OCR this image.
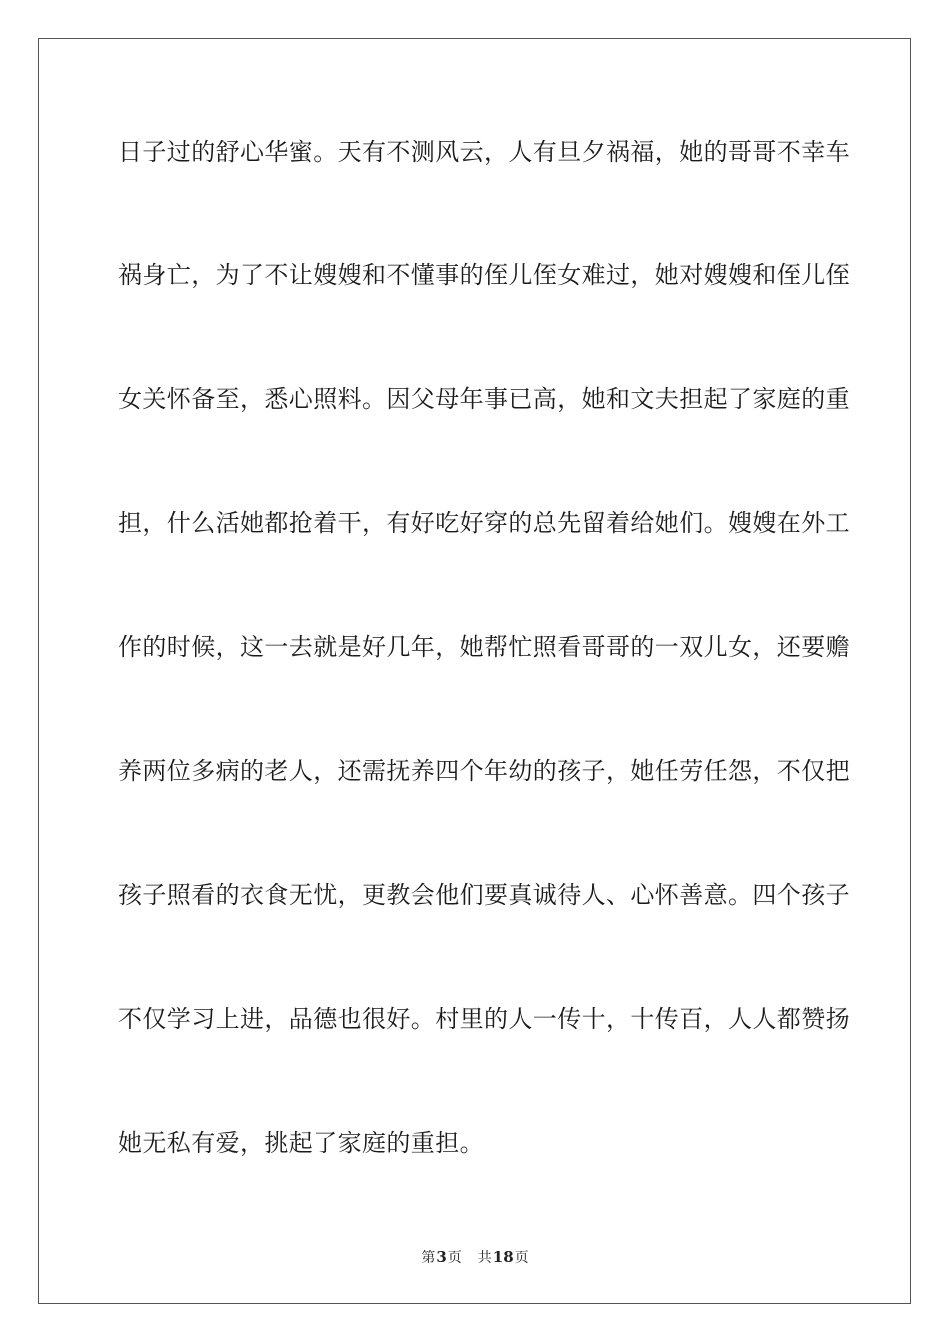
日子过的舒心华蜜。天有不测风云，人有旦夕祸福，她的哥哥不幸车
祸身亡，为了不让嫂嫂和不懂事的侄儿侄女难过，她对嫂嫂和侄儿侄
女关怀备至，悉心照料。因父母年事已高，她和文夫担起了家庭的重
担，什么活她都抢着干，有好吃好穿的总先留着给她们。嫂嫂在外工
作的时候，这一去就是好几年，她帮忙照看哥哥的一双儿女，还要赡
养两位多病的老人，还需抚养四个年幼的孩子，她任劳任怨，不仅把
孩子照看的衣食无忧，更教会他们要真诚待人、心怀善意。四个孩子
不仅学习上进，品德也很好。村里的人一传十，十传百，人人都赞扬
她无私有爱，挑起了家庭的重担。
第3页 共18页
